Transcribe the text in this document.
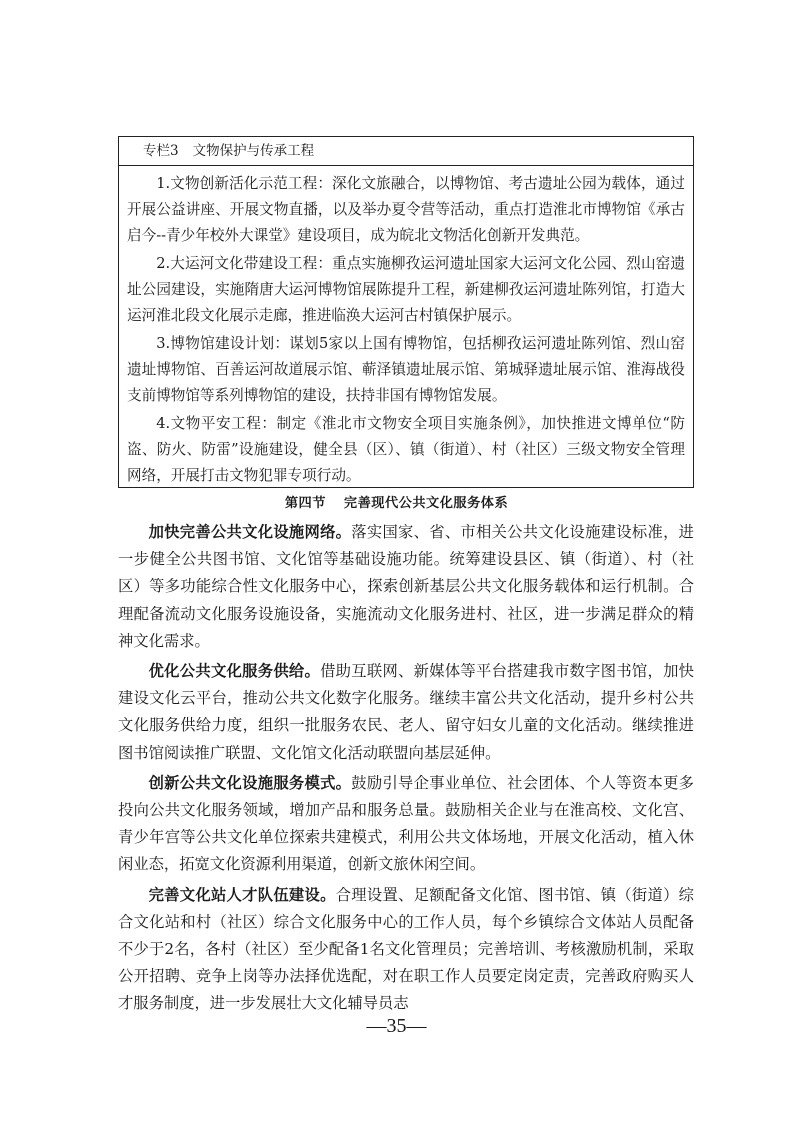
专栏3 文物保护与传承工程

1.文物创新活化示范工程：深化文旅融合，以博物馆、考古遗址公园为载体，通过开展公益讲座、开展文物直播，以及举办夏令营等活动，重点打造淮北市博物馆《承古启今--青少年校外大课堂》建设项目，成为皖北文物活化创新开发典范。

2.大运河文化带建设工程：重点实施柳孜运河遗址国家大运河文化公园、烈山窑遗址公园建设，实施隋唐大运河博物馆展陈提升工程，新建柳孜运河遗址陈列馆，打造大运河淮北段文化展示走廊，推进临涣大运河古村镇保护展示。

3.博物馆建设计划：谋划5家以上国有博物馆，包括柳孜运河遗址陈列馆、烈山窑遗址博物馆、百善运河故道展示馆、蕲泽镇遗址展示馆、第城驿遗址展示馆、淮海战役支前博物馆等系列博物馆的建设，扶持非国有博物馆发展。

4.文物平安工程：制定《淮北市文物安全项目实施条例》，加快推进文博单位“防盗、防火、防雷”设施建设，健全县（区）、镇（街道）、村（社区）三级文物安全管理网络，开展打击文物犯罪专项行动。

第四节 完善现代公共文化服务体系

加快完善公共文化设施网络。落实国家、省、市相关公共文化设施建设标准，进一步健全公共图书馆、文化馆等基础设施功能。统筹建设县区、镇（街道）、村（社区）等多功能综合性文化服务中心，探索创新基层公共文化服务载体和运行机制。合理配备流动文化服务设施设备，实施流动文化服务进村、社区，进一步满足群众的精神文化需求。

优化公共文化服务供给。借助互联网、新媒体等平台搭建我市数字图书馆，加快建设文化云平台，推动公共文化数字化服务。继续丰富公共文化活动，提升乡村公共文化服务供给力度，组织一批服务农民、老人、留守妇女儿童的文化活动。继续推进图书馆阅读推广联盟、文化馆文化活动联盟向基层延伸。

创新公共文化设施服务模式。鼓励引导企事业单位、社会团体、个人等资本更多投向公共文化服务领域，增加产品和服务总量。鼓励相关企业与在淮高校、文化宫、青少年宫等公共文化单位探索共建模式，利用公共文体场地，开展文化活动，植入休闲业态，拓宽文化资源利用渠道，创新文旅休闲空间。

完善文化站人才队伍建设。合理设置、足额配备文化馆、图书馆、镇（街道）综合文化站和村（社区）综合文化服务中心的工作人员，每个乡镇综合文体站人员配备不少于2名，各村（社区）至少配备1名文化管理员；完善培训、考核激励机制，采取公开招聘、竞争上岗等办法择优选配，对在职工作人员要定岗定责，完善政府购买人才服务制度，进一步发展壮大文化辅导员志

—35—
